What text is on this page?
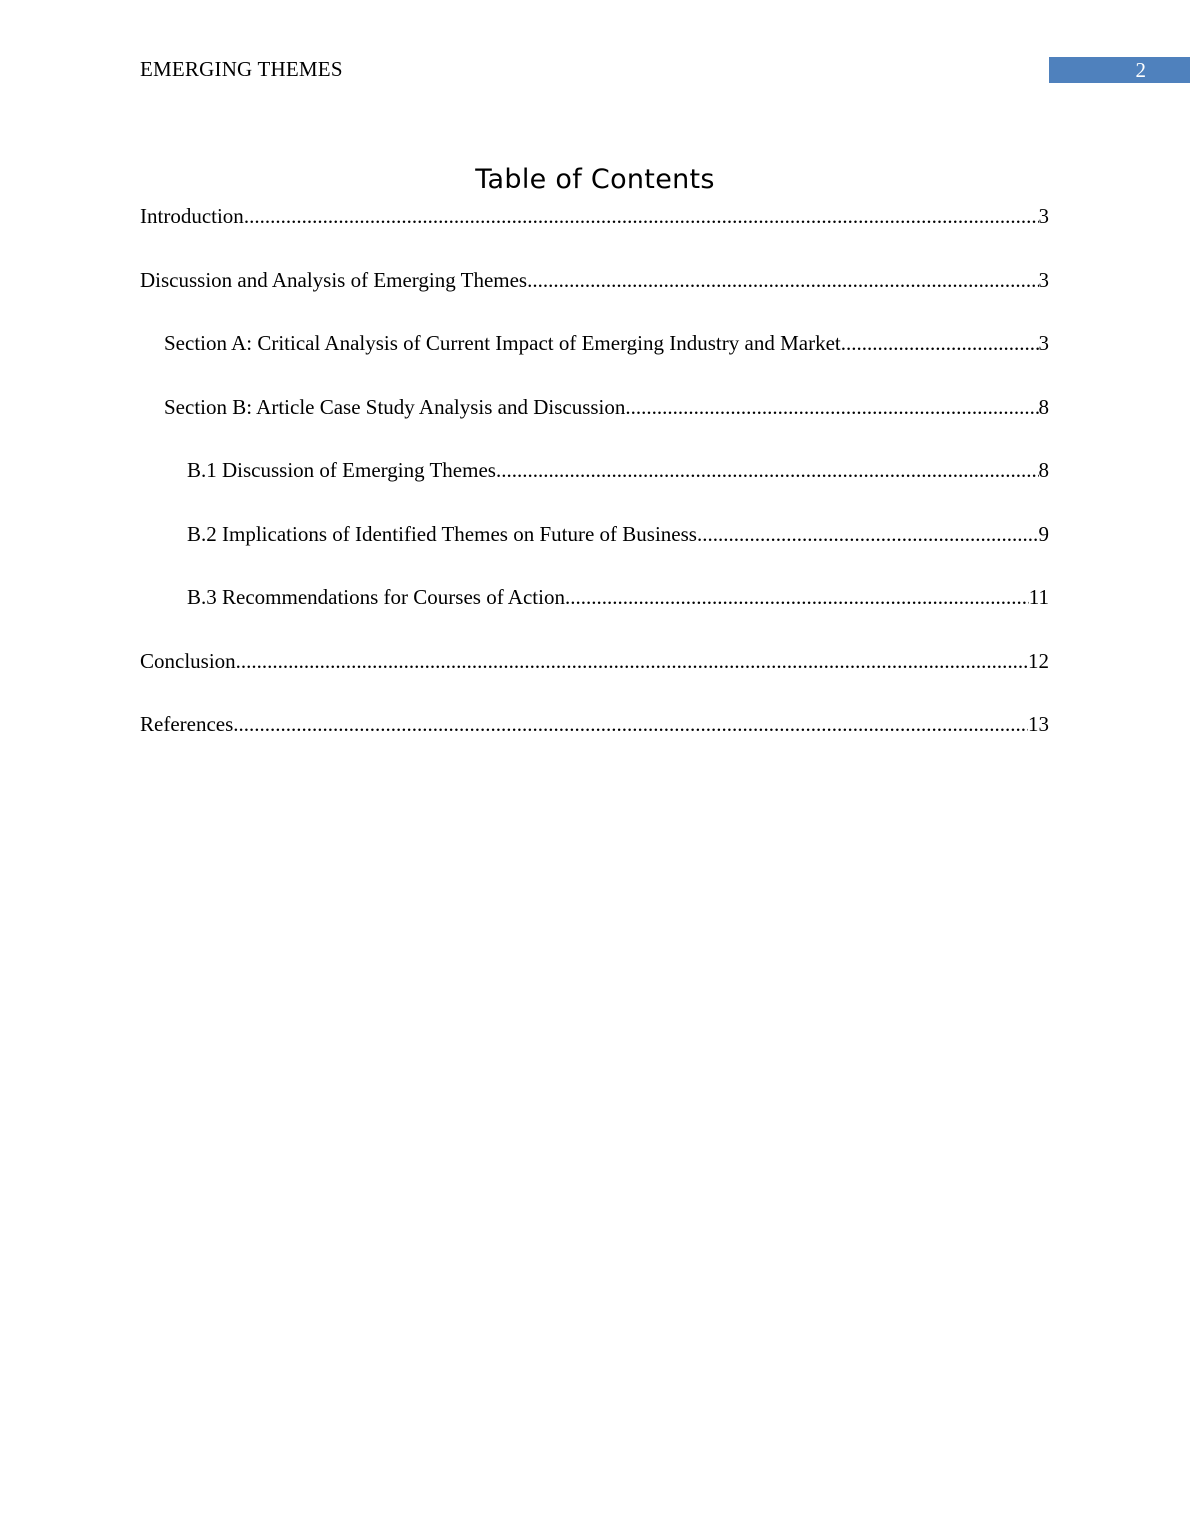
EMERGING THEMES	2
Table of Contents
Introduction .....	3
Discussion and Analysis of Emerging Themes .....	3
Section A: Critical Analysis of Current Impact of Emerging Industry and Market .....	3
Section B: Article Case Study Analysis and Discussion .....	8
B.1 Discussion of Emerging Themes .....	8
B.2 Implications of Identified Themes on Future of Business .....	9
B.3 Recommendations for Courses of Action .....	11
Conclusion .....	12
References .....	13
